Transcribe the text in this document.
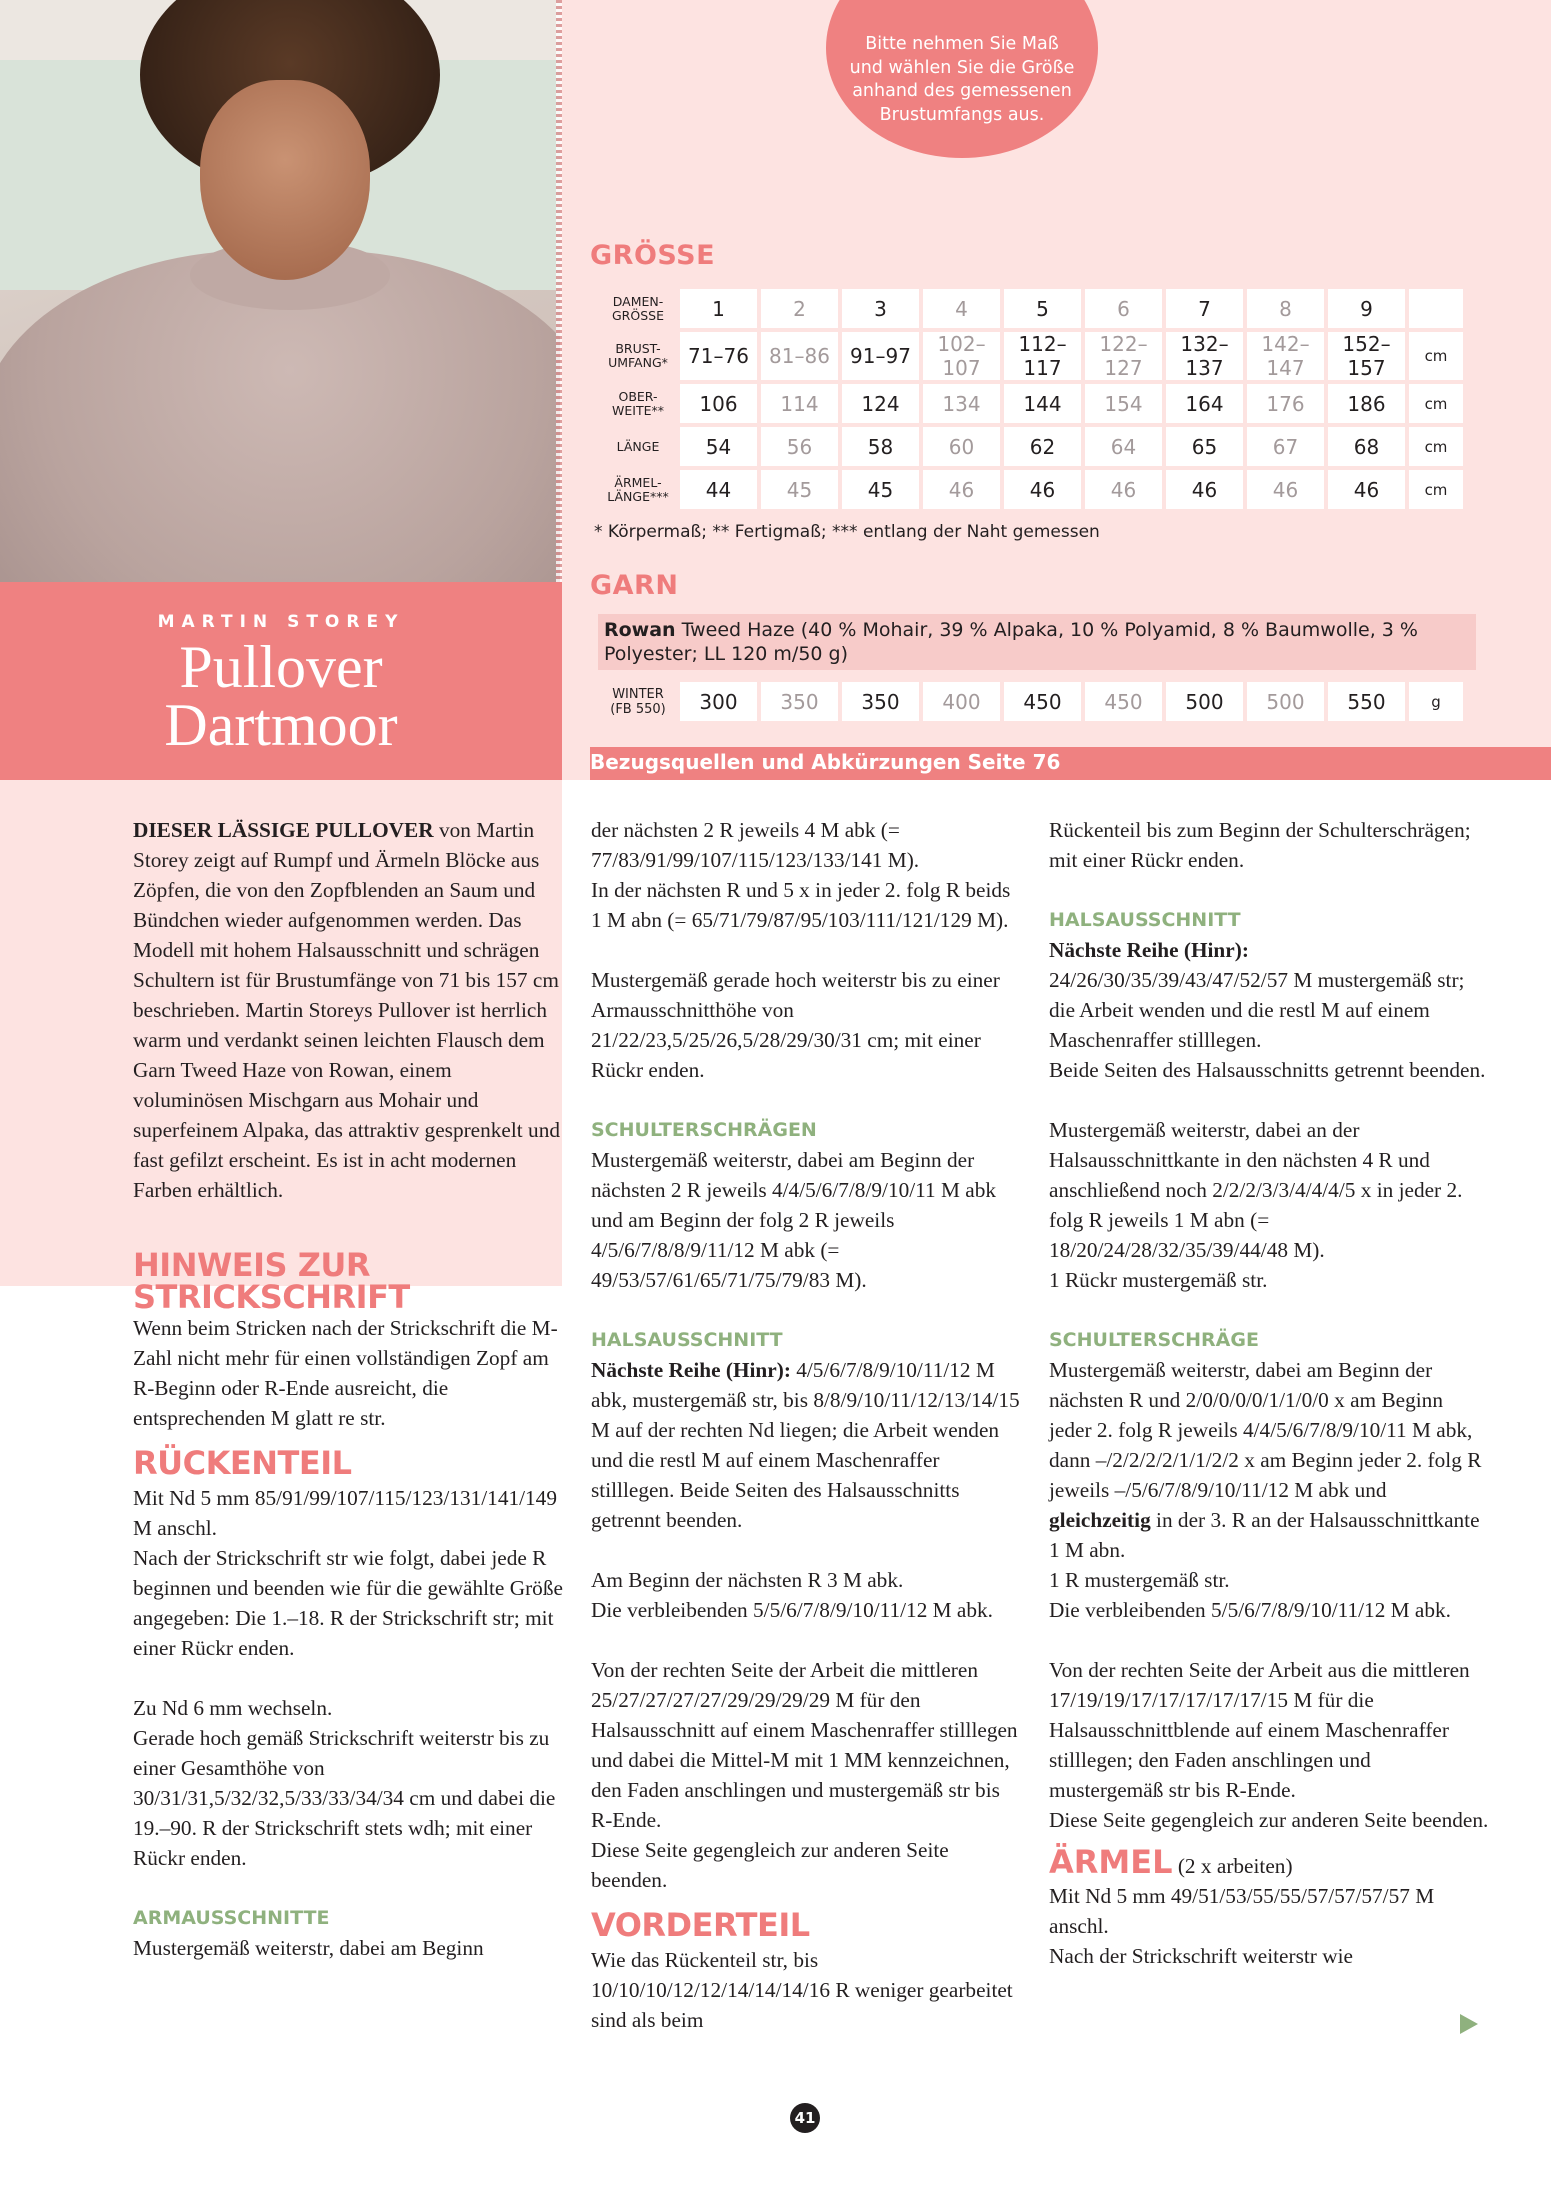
MARTIN STOREY
Pullover
Dartmoor
Bitte nehmen Sie Maß und wählen Sie die Größe anhand des gemessenen Brustumfangs aus.
GRÖSSE
DAMEN-
GRÖSSE	1	2	3	4	5	6	7	8	9	
BRUST-
UMFANG*	71–76	81–86	91–97	102–107	112–117	122–127	132–137	142–147	152–157	cm
OBER-
WEITE**	106	114	124	134	144	154	164	176	186	cm
LÄNGE	54	56	58	60	62	64	65	67	68	cm
ÄRMEL-
LÄNGE***	44	45	45	46	46	46	46	46	46	cm
* Körpermaß; ** Fertigmaß; *** entlang der Naht gemessen
GARN
Rowan Tweed Haze (40 % Mohair, 39 % Alpaka, 10 % Polyamid, 8 % Baumwolle, 3 % Polyester; LL 120 m/50 g)
WINTER
(FB 550)	300	350	350	400	450	450	500	500	550	g
Bezugsquellen und Abkürzungen Seite 76

DIESER LÄSSIGE PULLOVER von Martin Storey zeigt auf Rumpf und Ärmeln Blöcke aus Zöpfen, die von den Zopfblenden an Saum und Bündchen wieder aufgenommen werden. Das Modell mit hohem Halsausschnitt und schrägen Schultern ist für Brustumfänge von 71 bis 157 cm beschrieben. Martin Storeys Pullover ist herrlich warm und verdankt seinen leichten Flausch dem Garn Tweed Haze von Rowan, einem voluminösen Mischgarn aus Mohair und superfeinem Alpaka, das attraktiv gesprenkelt und fast gefilzt erscheint. Es ist in acht modernen Farben erhältlich.

HINWEIS ZUR STRICKSCHRIFT

Wenn beim Stricken nach der Strickschrift die M-Zahl nicht mehr für einen vollständigen Zopf am R-Beginn oder R-Ende ausreicht, die entsprechenden M glatt re str.

RÜCKENTEIL

Mit Nd 5 mm 85/91/99/107/115/123/131/141/149 M anschl.

Nach der Strickschrift str wie folgt, dabei jede R beginnen und beenden wie für die gewählte Größe angegeben: Die 1.–18. R der Strickschrift str; mit einer Rückr enden.

Zu Nd 6 mm wechseln.

Gerade hoch gemäß Strickschrift weiterstr bis zu einer Gesamthöhe von 30/31/31,5/32/32,5/33/33/34/34 cm und dabei die 19.–90. R der Strickschrift stets wdh; mit einer Rückr enden.

ARMAUSSCHNITTE

Mustergemäß weiterstr, dabei am Beginn

der nächsten 2 R jeweils 4 M abk (= 77/83/91/99/107/115/123/133/141 M).

In der nächsten R und 5 x in jeder 2. folg R beids 1 M abn (= 65/71/79/87/95/103/111/121/129 M).

Mustergemäß gerade hoch weiterstr bis zu einer Armausschnitthöhe von 21/22/23,5/25/26,5/28/29/30/31 cm; mit einer Rückr enden.

SCHULTERSCHRÄGEN

Mustergemäß weiterstr, dabei am Beginn der nächsten 2 R jeweils 4/4/5/6/7/8/9/10/11 M abk und am Beginn der folg 2 R jeweils 4/5/6/7/8/8/9/11/12 M abk (= 49/53/57/61/65/71/75/79/83 M).

HALSAUSSCHNITT

Nächste Reihe (Hinr): 4/5/6/7/8/9/10/11/12 M abk, mustergemäß str, bis 8/8/9/10/11/12/13/14/15 M auf der rechten Nd liegen; die Arbeit wenden und die restl M auf einem Maschenraffer stilllegen. Beide Seiten des Halsausschnitts getrennt beenden.

Am Beginn der nächsten R 3 M abk.

Die verbleibenden 5/5/6/7/8/9/10/11/12 M abk.

Von der rechten Seite der Arbeit die mittleren 25/27/27/27/27/29/29/29/29 M für den Halsausschnitt auf einem Maschenraffer stilllegen und dabei die Mittel-M mit 1 MM kennzeichnen, den Faden anschlingen und mustergemäß str bis R-Ende.

Diese Seite gegengleich zur anderen Seite beenden.

VORDERTEIL

Wie das Rückenteil str, bis 10/10/10/12/12/14/14/14/16 R weniger gearbeitet sind als beim

Rückenteil bis zum Beginn der Schulterschrägen; mit einer Rückr enden.

HALSAUSSCHNITT

Nächste Reihe (Hinr): 24/26/30/35/39/43/47/52/57 M mustergemäß str; die Arbeit wenden und die restl M auf einem Maschenraffer stilllegen.

Beide Seiten des Halsausschnitts getrennt beenden.

Mustergemäß weiterstr, dabei an der Halsausschnittkante in den nächsten 4 R und anschließend noch 2/2/2/3/3/4/4/4/5 x in jeder 2. folg R jeweils 1 M abn (= 18/20/24/28/32/35/39/44/48 M).

1 Rückr mustergemäß str.

SCHULTERSCHRÄGE

Mustergemäß weiterstr, dabei am Beginn der nächsten R und 2/0/0/0/0/1/1/0/0 x am Beginn jeder 2. folg R jeweils 4/4/5/6/7/8/9/10/11 M abk, dann –/2/2/2/2/1/1/2/2 x am Beginn jeder 2. folg R jeweils –/5/6/7/8/9/10/11/12 M abk und gleichzeitig in der 3. R an der Halsausschnittkante 1 M abn.

1 R mustergemäß str.

Die verbleibenden 5/5/6/7/8/9/10/11/12 M abk.

Von der rechten Seite der Arbeit aus die mittleren 17/19/19/17/17/17/17/17/15 M für die Halsausschnittblende auf einem Maschenraffer stilllegen; den Faden anschlingen und mustergemäß str bis R-Ende.

Diese Seite gegengleich zur anderen Seite beenden.

ÄRMEL (2 x arbeiten)

Mit Nd 5 mm 49/51/53/55/55/57/57/57/57 M anschl.

Nach der Strickschrift weiterstr wie

41
